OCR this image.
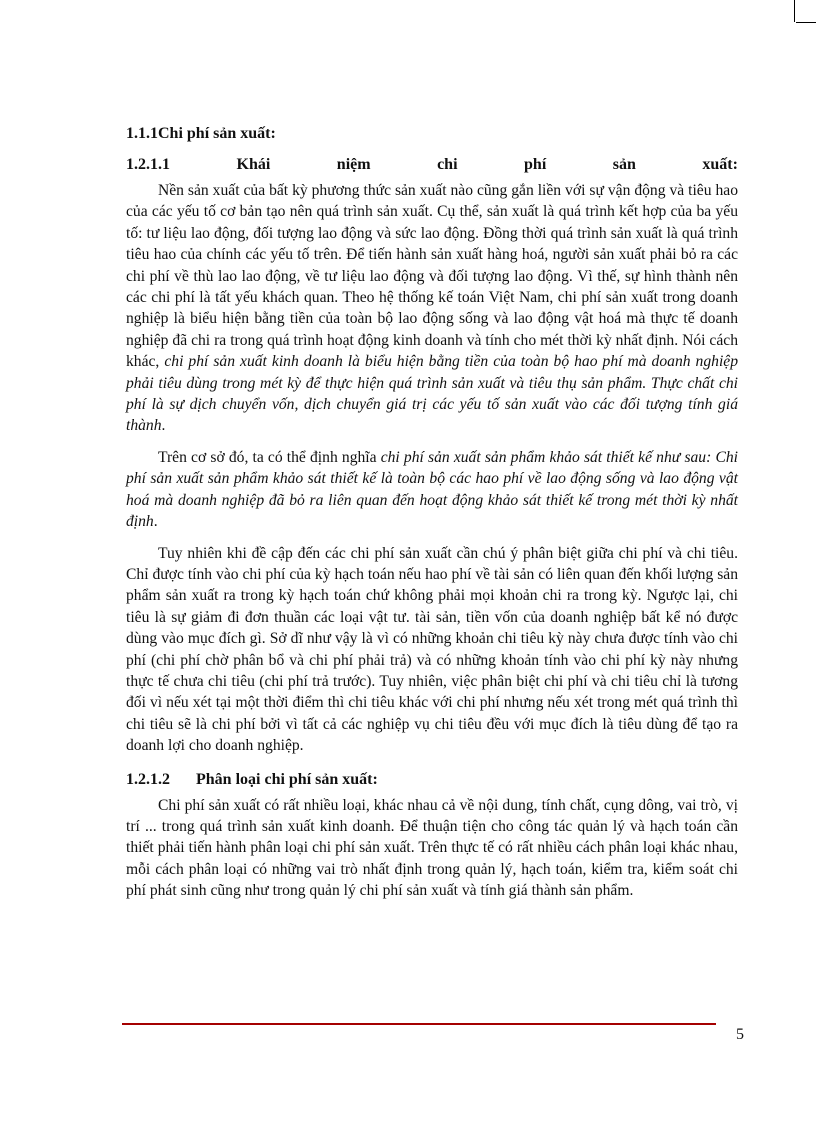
1.1.1Chi phí sản xuất:
1.2.1.1	Khái	niệm	chi	phí	sản	xuất:

Nền sản xuất của bất kỳ phương thức sản xuất nào cũng gắn liền với sự vận động và tiêu hao của các yếu tố cơ bản tạo nên quá trình sản xuất. Cụ thể, sản xuất là quá trình kết hợp của ba yếu tố: tư liệu lao động, đối tượng lao động và sức lao động. Đồng thời quá trình sản xuất là quá trình tiêu hao của chính các yếu tố trên. Để tiến hành sản xuất hàng hoá, người sản xuất phải bỏ ra các chi phí về thù lao lao động, về tư liệu lao động và đối tượng lao động. Vì thế, sự hình thành nên các chi phí là tất yếu khách quan. Theo hệ thống kế toán Việt Nam, chi phí sản xuất trong doanh nghiệp là biểu hiện bằng tiền của toàn bộ lao động sống và lao động vật hoá mà thực tế doanh nghiệp đã chi ra trong quá trình hoạt động kinh doanh và tính cho mét thời kỳ nhất định. Nói cách khác, chi phí sản xuất kinh doanh là biểu hiện bằng tiền của toàn bộ hao phí mà doanh nghiệp phải tiêu dùng trong mét kỳ để thực hiện quá trình sản xuất và tiêu thụ sản phẩm. Thực chất chi phí là sự dịch chuyển vốn, dịch chuyển giá trị các yếu tố sản xuất vào các đối tượng tính giá thành.

Trên cơ sở đó, ta có thể định nghĩa chi phí sản xuất sản phẩm khảo sát thiết kế như sau: Chi phí sản xuất sản phẩm khảo sát thiết kế là toàn bộ các hao phí về lao động sống và lao động vật hoá mà doanh nghiệp đã bỏ ra liên quan đến hoạt động khảo sát thiết kế trong mét thời kỳ nhất định.

Tuy nhiên khi đề cập đến các chi phí sản xuất cần chú ý phân biệt giữa chi phí và chi tiêu. Chỉ được tính vào chi phí của kỳ hạch toán nếu hao phí về tài sản có liên quan đến khối lượng sản phẩm sản xuất ra trong kỳ hạch toán chứ không phải mọi khoản chi ra trong kỳ. Ngược lại, chi tiêu là sự giảm đi đơn thuần các loại vật tư. tài sản, tiền vốn của doanh nghiệp bất kể nó được dùng vào mục đích gì. Sở dĩ như vậy là vì có những khoản chi tiêu kỳ này chưa được tính vào chi phí (chi phí chờ phân bổ và chi phí phải trả) và có những khoản tính vào chi phí kỳ này nhưng thực tế chưa chi tiêu (chi phí trả trước). Tuy nhiên, việc phân biệt chi phí và chi tiêu chỉ là tương đối vì nếu xét tại một thời điểm thì chi tiêu khác với chi phí nhưng nếu xét trong mét quá trình thì chi tiêu sẽ là chi phí bởi vì tất cả các nghiệp vụ chi tiêu đều với mục đích là tiêu dùng để tạo ra doanh lợi cho doanh nghiệp.

1.2.1.2	Phân loại chi phí sản xuất:

Chi phí sản xuất có rất nhiều loại, khác nhau cả về nội dung, tính chất, cụng dông, vai trò, vị trí ... trong quá trình sản xuất kinh doanh. Để thuận tiện cho công tác quản lý và hạch toán cần thiết phải tiến hành phân loại chi phí sản xuất. Trên thực tế có rất nhiều cách phân loại khác nhau, mỗi cách phân loại có những vai trò nhất định trong quản lý, hạch toán, kiểm tra, kiểm soát chi phí phát sinh cũng như trong quản lý chi phí sản xuất và tính giá thành sản phẩm.

5
